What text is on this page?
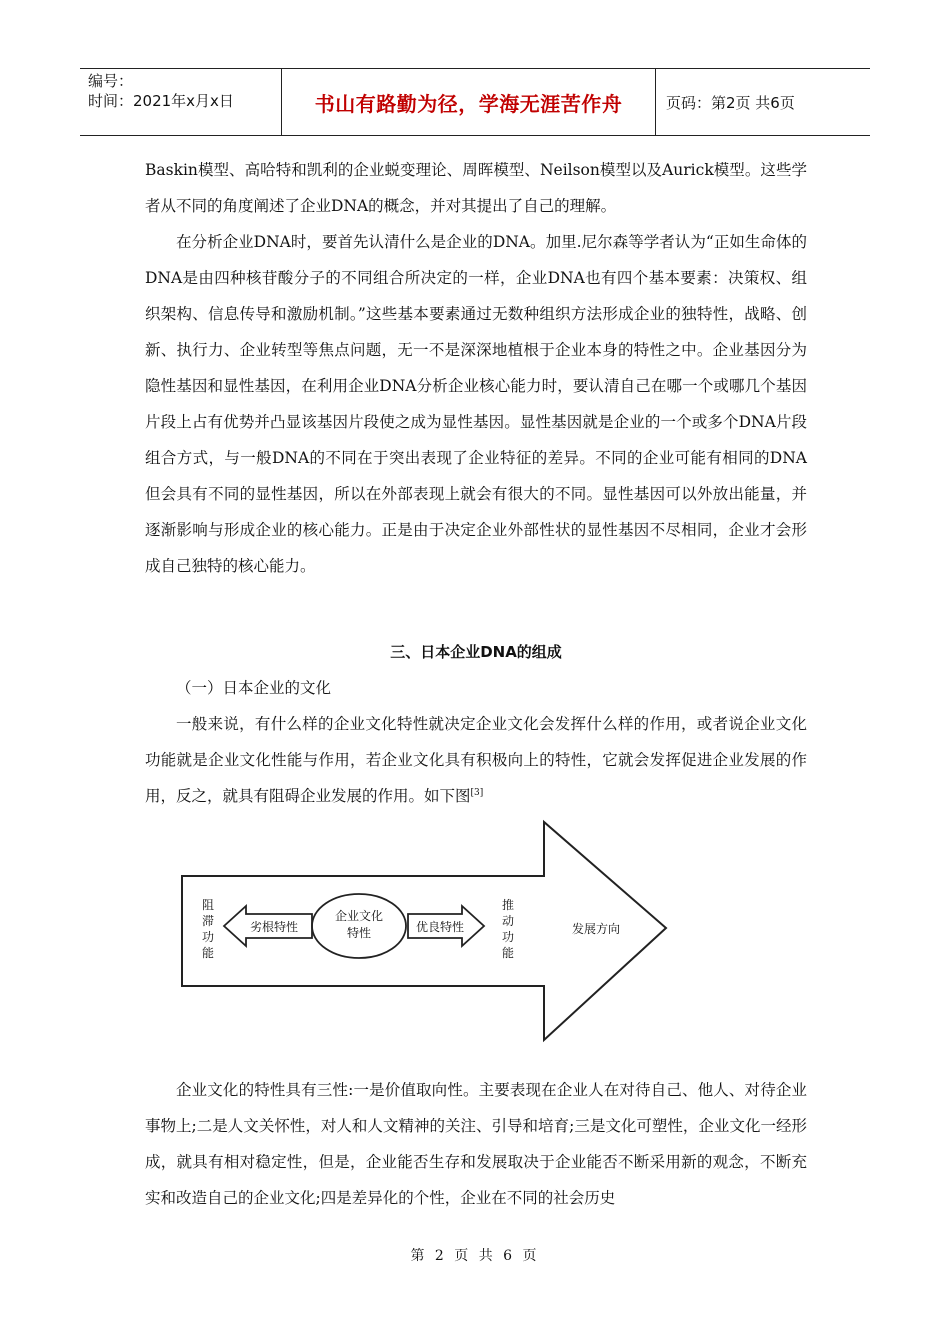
编号：
时间：2021年x月x日	书山有路勤为径，学海无涯苦作舟	页码：第2页 共6页

Baskin模型、高哈特和凯利的企业蜕变理论、周晖模型、Neilson模型以及Aurick模型。这些学者从不同的角度阐述了企业DNA的概念，并对其提出了自己的理解。

在分析企业DNA时，要首先认清什么是企业的DNA。加里.尼尔森等学者认为“正如生命体的DNA是由四种核苷酸分子的不同组合所决定的一样，企业DNA也有四个基本要素：决策权、组织架构、信息传导和激励机制。”这些基本要素通过无数种组织方法形成企业的独特性，战略、创新、执行力、企业转型等焦点问题，无一不是深深地植根于企业本身的特性之中。企业基因分为隐性基因和显性基因，在利用企业DNA分析企业核心能力时，要认清自己在哪一个或哪几个基因片段上占有优势并凸显该基因片段使之成为显性基因。显性基因就是企业的一个或多个DNA片段组合方式，与一般DNA的不同在于突出表现了企业特征的差异。不同的企业可能有相同的DNA但会具有不同的显性基因，所以在外部表现上就会有很大的不同。显性基因可以外放出能量，并逐渐影响与形成企业的核心能力。正是由于决定企业外部性状的显性基因不尽相同，企业才会形成自己独特的核心能力。

三、日本企业DNA的组成
（一）日本企业的文化

一般来说，有什么样的企业文化特性就决定企业文化会发挥什么样的作用，或者说企业文化功能就是企业文化性能与作用，若企业文化具有积极向上的特性，它就会发挥促进企业发展的作用，反之，就具有阻碍企业发展的作用。如下图[3]

阻
滞
功
能
劣根特性
企业文化
特性	优良特性
推
动
功
能
发展方向

企业文化的特性具有三性:一是价值取向性。主要表现在企业人在对待自己、他人、对待企业事物上;二是人文关怀性，对人和人文精神的关注、引导和培育;三是文化可塑性，企业文化一经形成，就具有相对稳定性，但是，企业能否生存和发展取决于企业能否不断采用新的观念，不断充实和改造自己的企业文化;四是差异化的个性，企业在不同的社会历史

第 2 页 共 6 页
